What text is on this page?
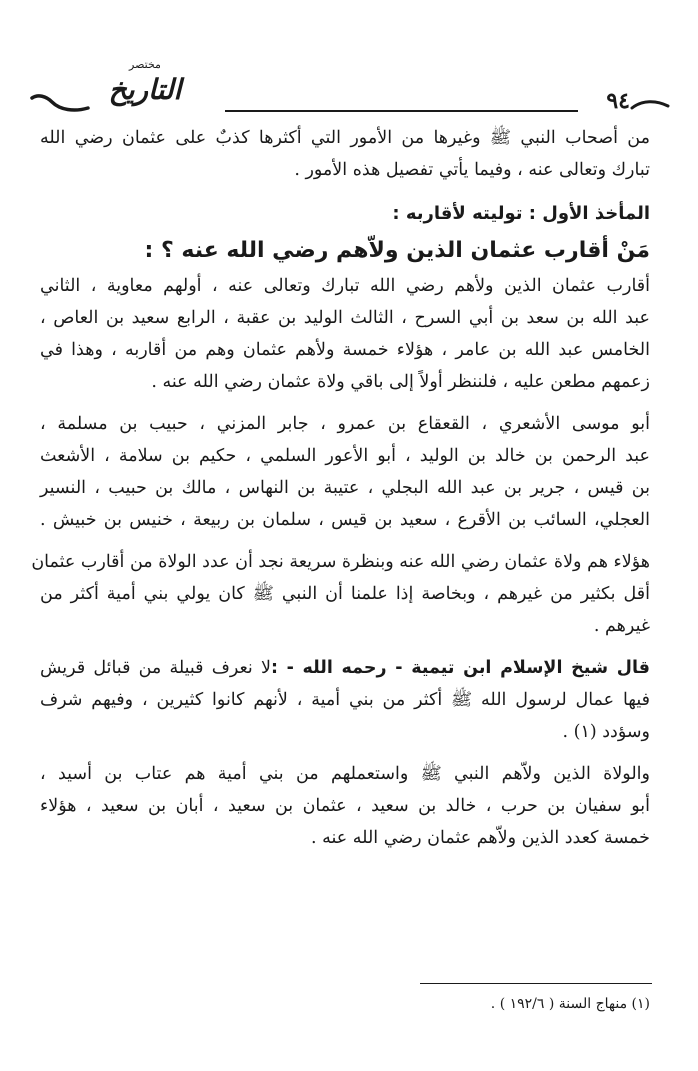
٩٤
مختصر
التاريخ

من أصحاب النبي ﷺ وغيرها من الأمور التي أكثرها كذبٌ على عثمان رضي الله

تبارك وتعالى عنه ، وفيما يأتي تفصيل هذه الأمور .

المأخذ الأول : توليته لأقاربه :
مَنْ أقارب عثمان الذين ولاّهم رضي الله عنه ؟ :

أقارب عثمان الذين ولأهم رضي الله تبارك وتعالى عنه ، أولهم معاوية ، الثاني

عبد الله بن سعد بن أبي السرح ، الثالث الوليد بن عقبة ، الرابع سعيد بن العاص ،

الخامس عبد الله بن عامر ، هؤلاء خمسة ولأهم عثمان وهم من أقاربه ، وهذا في

زعمهم مطعن عليه ، فلننظر أولاً إلى باقي ولاة عثمان رضي الله عنه .

أبو موسى الأشعري ، القعقاع بن عمرو ، جابر المزني ، حبيب بن مسلمة ،

عبد الرحمن بن خالد بن الوليد ، أبو الأعور السلمي ، حكيم بن سلامة ، الأشعث

بن قيس ، جرير بن عبد الله البجلي ، عتيبة بن النهاس ، مالك بن حبيب ، النسير

العجلي، السائب بن الأقرع ، سعيد بن قيس ، سلمان بن ربيعة ، خنيس بن خبيش .

هؤلاء هم ولاة عثمان رضي الله عنه وبنظرة سريعة نجد أن عدد الولاة من أقارب عثمان

أقل بكثير من غيرهم ، وبخاصة إذا علمنا أن النبي ﷺ كان يولي بني أمية أكثر من

غيرهم .

قال شيخ الإسلام ابن تيمية - رحمه الله - :لا نعرف قبيلة من قبائل قريش

فيها عمال لرسول الله ﷺ أكثر من بني أمية ، لأنهم كانوا كثيرين ، وفيهم شرف

وسؤدد (١) .

والولاة الذين ولاّهم النبي ﷺ واستعملهم من بني أمية هم عتاب بن أسيد ،

أبو سفيان بن حرب ، خالد بن سعيد ، عثمان بن سعيد ، أبان بن سعيد ، هؤلاء

خمسة كعدد الذين ولاّهم عثمان رضي الله عنه .

(١) منهاج السنة ( ١٩٢/٦ ) .
